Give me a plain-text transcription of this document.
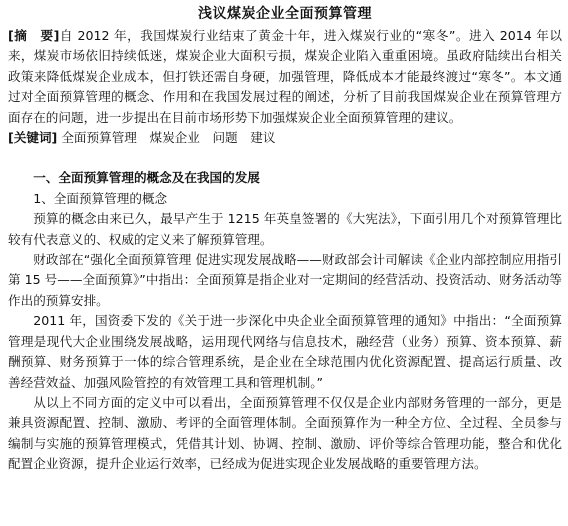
浅议煤炭企业全面预算管理

[摘　要]自 2012 年，我国煤炭行业结束了黄金十年，进入煤炭行业的“寒冬”。进入 2014 年以来，煤炭市场依旧持续低迷，煤炭企业大面积亏损，煤炭企业陷入重重困境。虽政府陆续出台相关政策来降低煤炭企业成本，但打铁还需自身硬，加强管理，降低成本才能最终渡过“寒冬”。本文通过对全面预算管理的概念、作用和在我国发展过程的阐述，分析了目前我国煤炭企业在预算管理方面存在的问题，进一步提出在目前市场形势下加强煤炭企业全面预算管理的建议。

[关键词] 全面预算管理　煤炭企业　问题　建议

一、全面预算管理的概念及在我国的发展

1、全面预算管理的概念

预算的概念由来已久，最早产生于 1215 年英皇签署的《大宪法》，下面引用几个对预算管理比较有代表意义的、权威的定义来了解预算管理。

财政部在“强化全面预算管理 促进实现发展战略——财政部会计司解读《企业内部控制应用指引第 15 号——全面预算》”中指出：全面预算是指企业对一定期间的经营活动、投资活动、财务活动等作出的预算安排。

2011 年，国资委下发的《关于进一步深化中央企业全面预算管理的通知》中指出：“全面预算管理是现代大企业围绕发展战略，运用现代网络与信息技术，融经营（业务）预算、资本预算、薪酬预算、财务预算于一体的综合管理系统，是企业在全球范围内优化资源配置、提高运行质量、改善经营效益、加强风险管控的有效管理工具和管理机制。”

从以上不同方面的定义中可以看出，全面预算管理不仅仅是企业内部财务管理的一部分，更是兼具资源配置、控制、激励、考评的全面管理体制。全面预算作为一种全方位、全过程、全员参与编制与实施的预算管理模式，凭借其计划、协调、控制、激励、评价等综合管理功能，整合和优化配置企业资源，提升企业运行效率，已经成为促进实现企业发展战略的重要管理方法。
